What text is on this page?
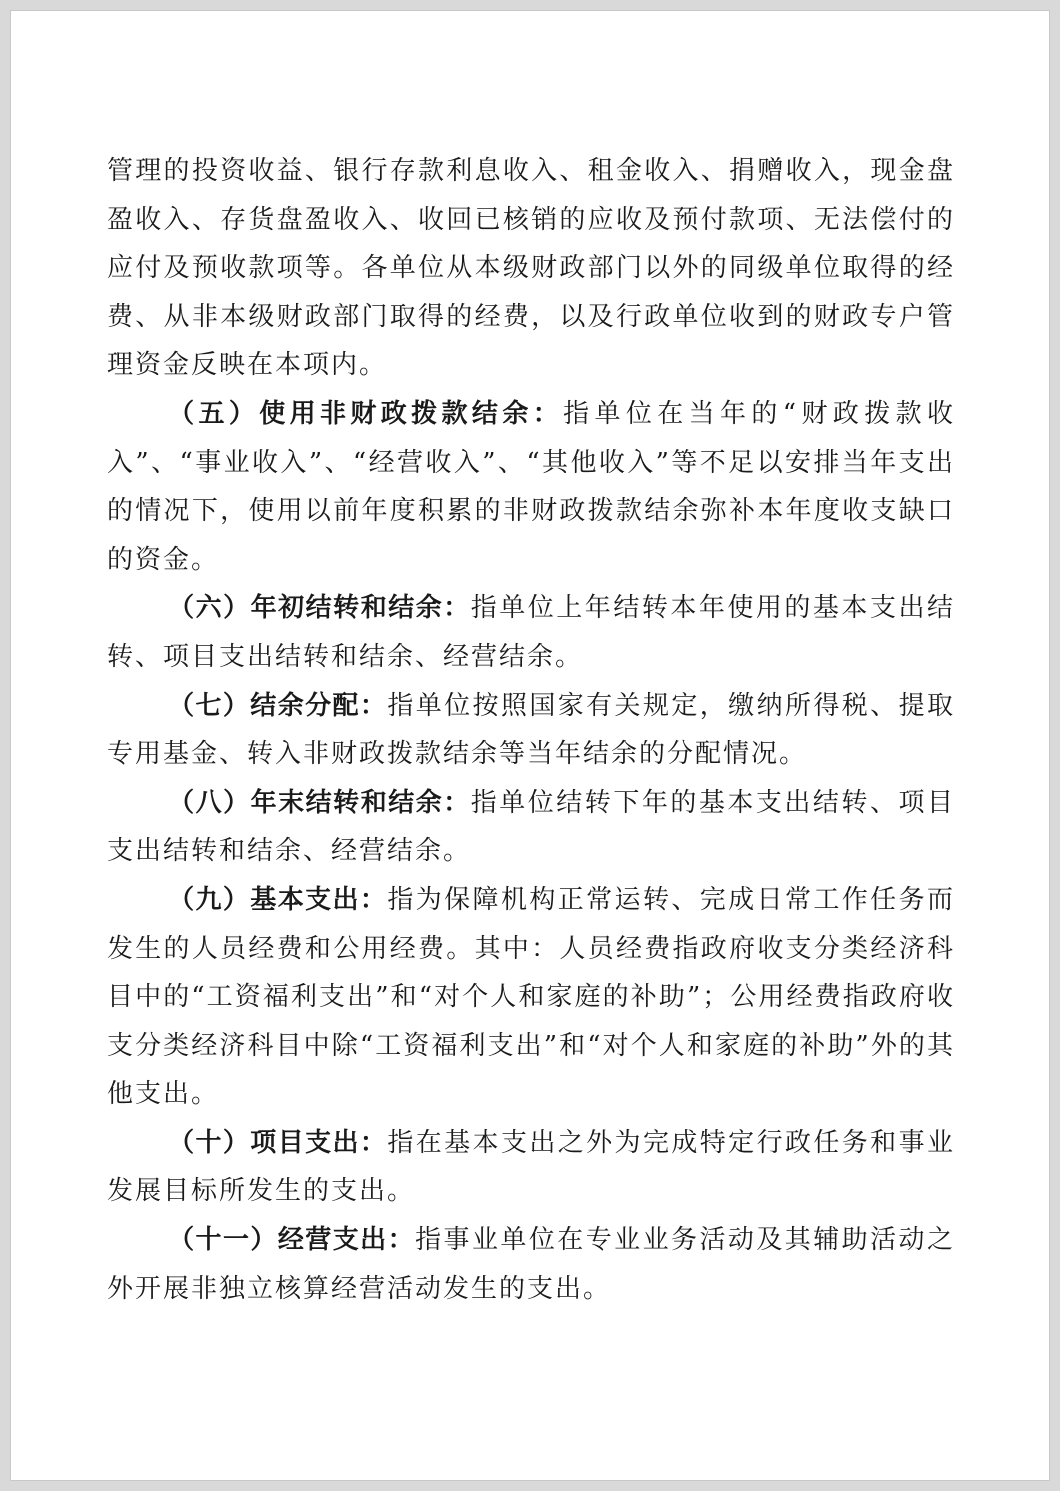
管理的投资收益、银行存款利息收入、租金收入、捐赠收入，现金盘盈收入、存货盘盈收入、收回已核销的应收及预付款项、无法偿付的应付及预收款项等。各单位从本级财政部门以外的同级单位取得的经费、从非本级财政部门取得的经费，以及行政单位收到的财政专户管理资金反映在本项内。

（五）使用非财政拨款结余：指单位在当年的“财政拨款收入”、“事业收入”、“经营收入”、“其他收入”等不足以安排当年支出的情况下，使用以前年度积累的非财政拨款结余弥补本年度收支缺口的资金。

（六）年初结转和结余：指单位上年结转本年使用的基本支出结转、项目支出结转和结余、经营结余。

（七）结余分配：指单位按照国家有关规定，缴纳所得税、提取专用基金、转入非财政拨款结余等当年结余的分配情况。

（八）年末结转和结余：指单位结转下年的基本支出结转、项目支出结转和结余、经营结余。

（九）基本支出：指为保障机构正常运转、完成日常工作任务而发生的人员经费和公用经费。其中：人员经费指政府收支分类经济科目中的“工资福利支出”和“对个人和家庭的补助”；公用经费指政府收支分类经济科目中除“工资福利支出”和“对个人和家庭的补助”外的其他支出。

（十）项目支出：指在基本支出之外为完成特定行政任务和事业发展目标所发生的支出。

（十一）经营支出：指事业单位在专业业务活动及其辅助活动之外开展非独立核算经营活动发生的支出。
